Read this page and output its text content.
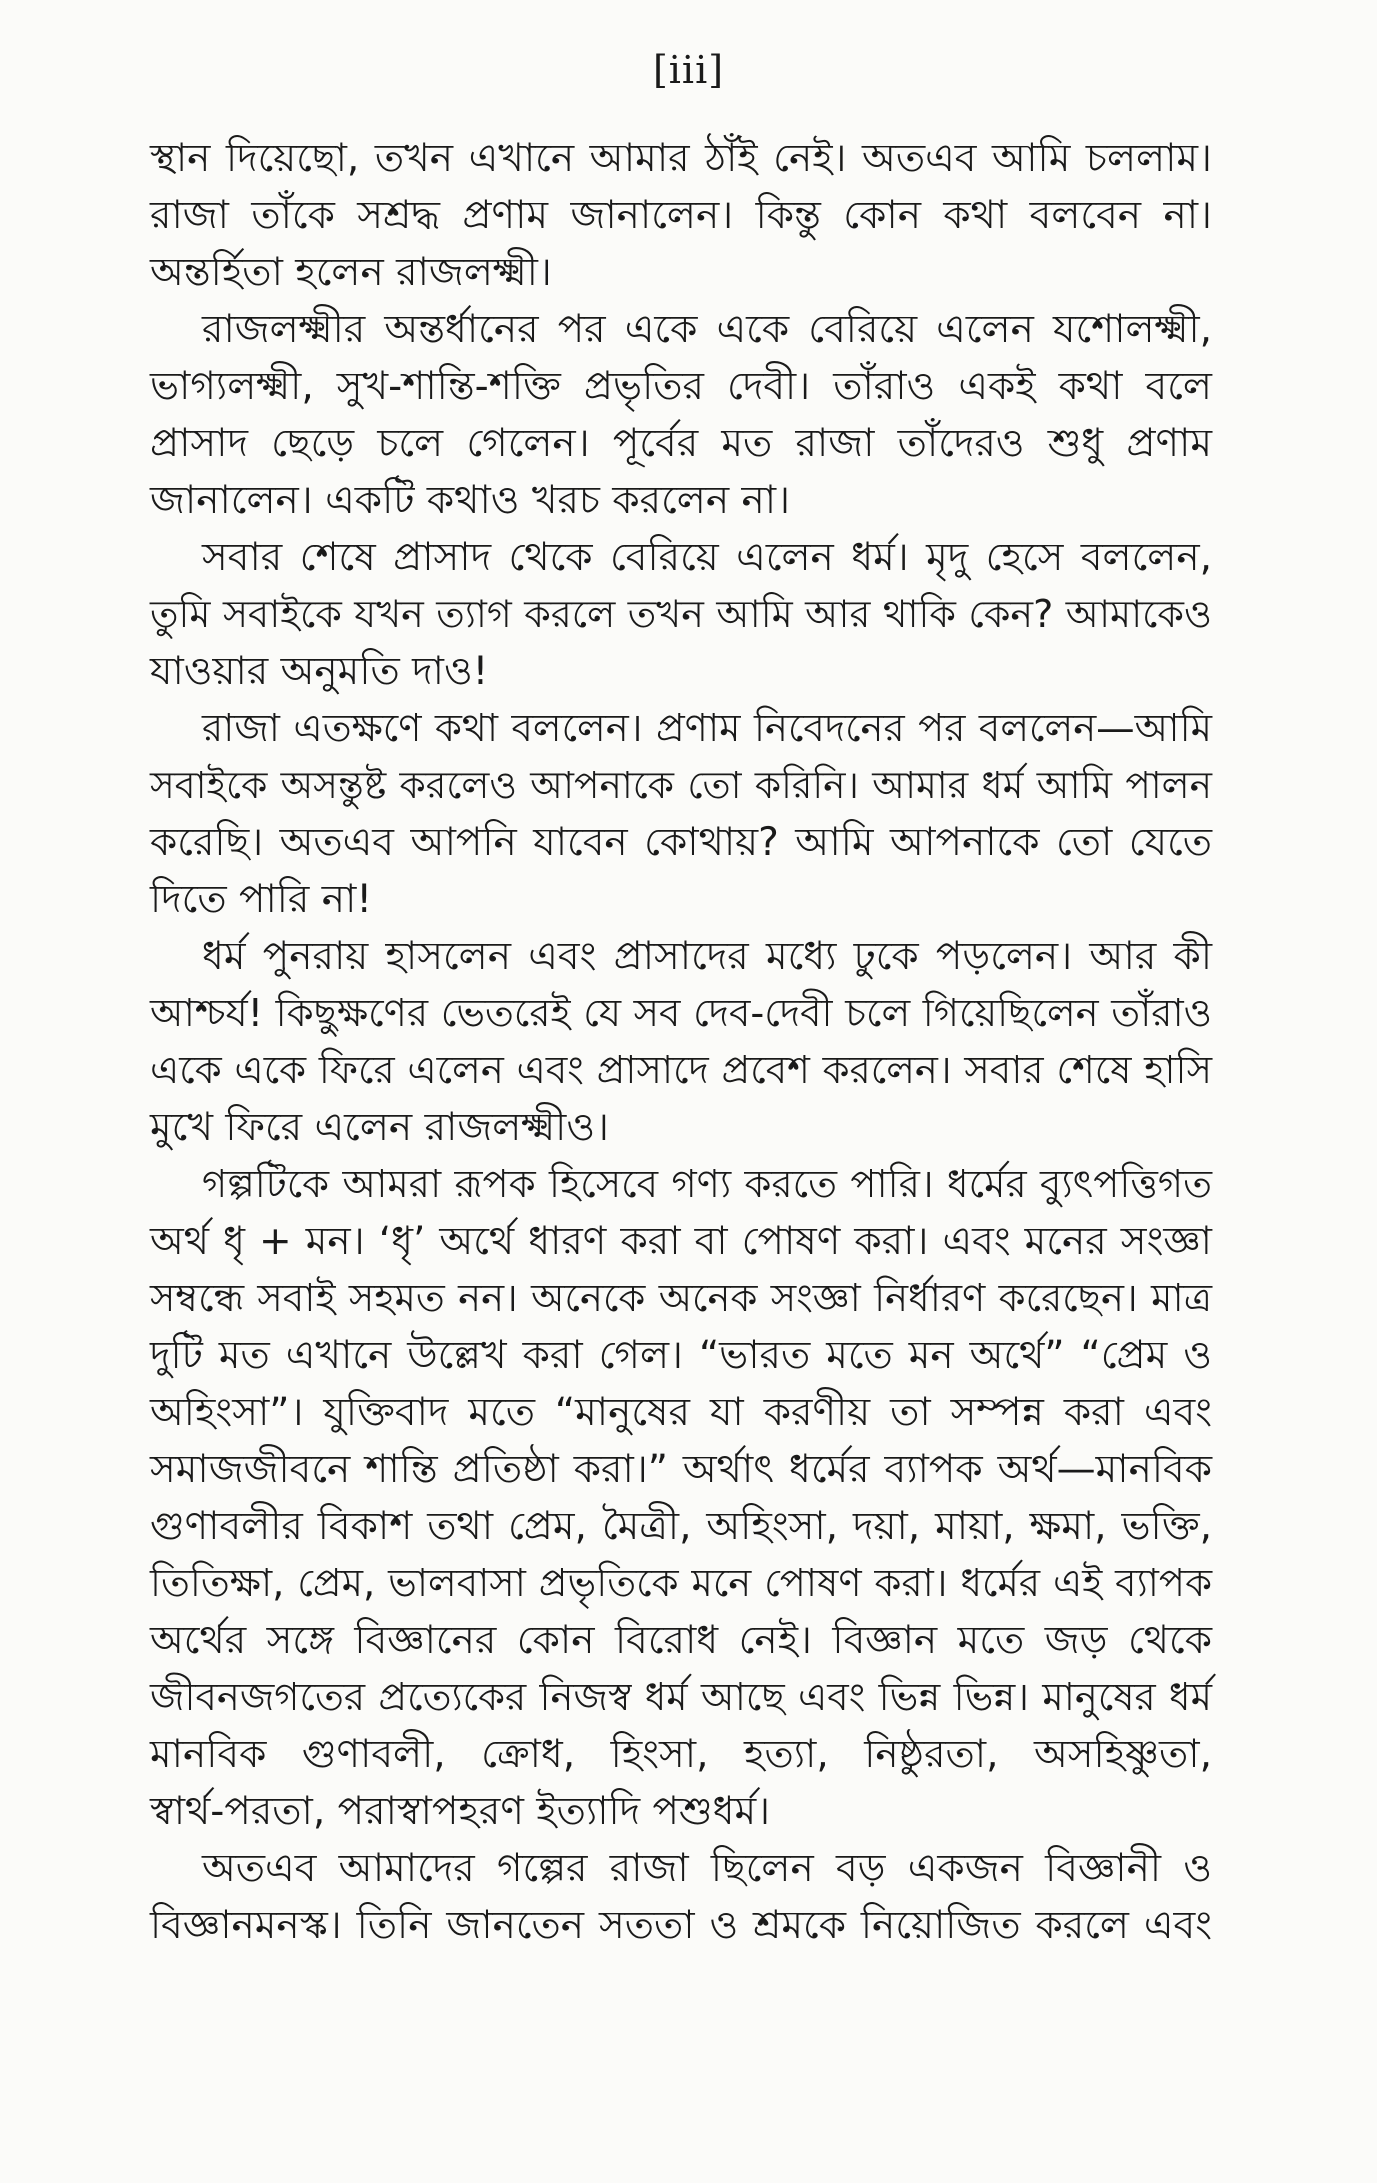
[iii]
স্থান দিয়েছো, তখন এখানে আমার ঠাঁই নেই। অতএব আমি চললাম।
রাজা তাঁকে সশ্রদ্ধ প্রণাম জানালেন। কিন্তু কোন কথা বলবেন না।
অন্তর্হিতা হলেন রাজলক্ষ্মী।
রাজলক্ষ্মীর অন্তর্ধানের পর একে একে বেরিয়ে এলেন যশোলক্ষ্মী,
ভাগ্যলক্ষ্মী, সুখ-শান্তি-শক্তি প্রভৃতির দেবী। তাঁরাও একই কথা বলে
প্রাসাদ ছেড়ে চলে গেলেন। পূর্বের মত রাজা তাঁদেরও শুধু প্রণাম
জানালেন। একটি কথাও খরচ করলেন না।
সবার শেষে প্রাসাদ থেকে বেরিয়ে এলেন ধর্ম। মৃদু হেসে বললেন,
তুমি সবাইকে যখন ত্যাগ করলে তখন আমি আর থাকি কেন? আমাকেও
যাওয়ার অনুমতি দাও!
রাজা এতক্ষণে কথা বললেন। প্রণাম নিবেদনের পর বললেন—আমি
সবাইকে অসন্তুষ্ট করলেও আপনাকে তো করিনি। আমার ধর্ম আমি পালন
করেছি। অতএব আপনি যাবেন কোথায়? আমি আপনাকে তো যেতে
দিতে পারি না!
ধর্ম পুনরায় হাসলেন এবং প্রাসাদের মধ্যে ঢুকে পড়লেন। আর কী
আশ্চর্য! কিছুক্ষণের ভেতরেই যে সব দেব-দেবী চলে গিয়েছিলেন তাঁরাও
একে একে ফিরে এলেন এবং প্রাসাদে প্রবেশ করলেন। সবার শেষে হাসি
মুখে ফিরে এলেন রাজলক্ষ্মীও।
গল্পটিকে আমরা রূপক হিসেবে গণ্য করতে পারি। ধর্মের ব্যুৎপত্তিগত
অর্থ ধৃ + মন। ‘ধৃ’ অর্থে ধারণ করা বা পোষণ করা। এবং মনের সংজ্ঞা
সম্বন্ধে সবাই সহমত নন। অনেকে অনেক সংজ্ঞা নির্ধারণ করেছেন। মাত্র
দুটি মত এখানে উল্লেখ করা গেল। “ভারত মতে মন অর্থে” “প্রেম ও
অহিংসা”। যুক্তিবাদ মতে “মানুষের যা করণীয় তা সম্পন্ন করা এবং
সমাজজীবনে শান্তি প্রতিষ্ঠা করা।” অর্থাৎ ধর্মের ব্যাপক অর্থ—মানবিক
গুণাবলীর বিকাশ তথা প্রেম, মৈত্রী, অহিংসা, দয়া, মায়া, ক্ষমা, ভক্তি,
তিতিক্ষা, প্রেম, ভালবাসা প্রভৃতিকে মনে পোষণ করা। ধর্মের এই ব্যাপক
অর্থের সঙ্গে বিজ্ঞানের কোন বিরোধ নেই। বিজ্ঞান মতে জড় থেকে
জীবনজগতের প্রত্যেকের নিজস্ব ধর্ম আছে এবং ভিন্ন ভিন্ন। মানুষের ধর্ম
মানবিক গুণাবলী, ক্রোধ, হিংসা, হত্যা, নিষ্ঠুরতা, অসহিষ্ণুতা,
স্বার্থ-পরতা, পরাস্বাপহরণ ইত্যাদি পশুধর্ম।
অতএব আমাদের গল্পের রাজা ছিলেন বড় একজন বিজ্ঞানী ও
বিজ্ঞানমনস্ক। তিনি জানতেন সততা ও শ্রমকে নিয়োজিত করলে এবং
